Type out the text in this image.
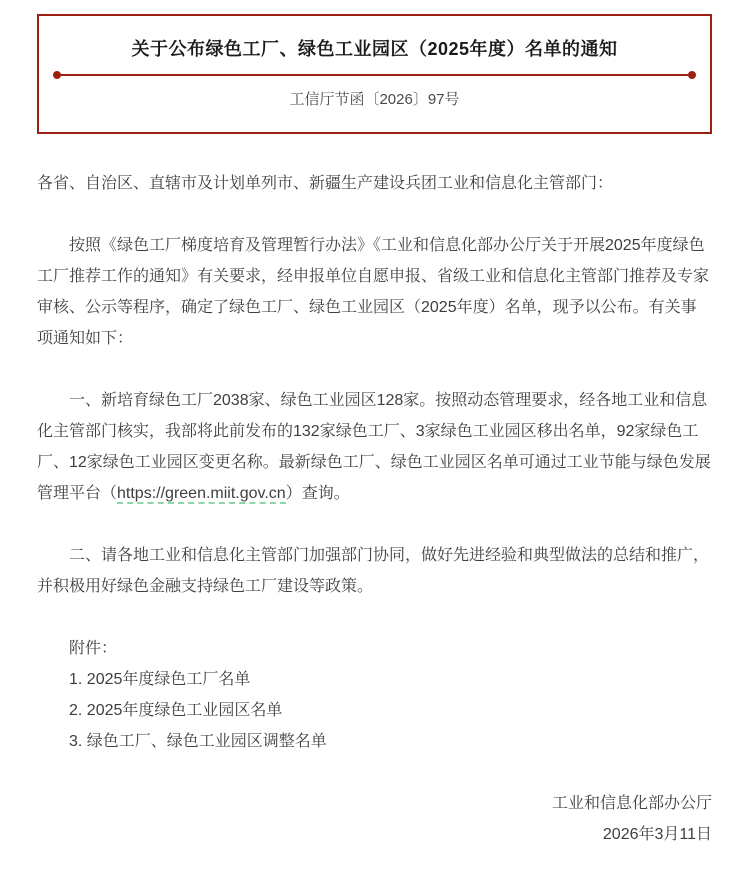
关于公布绿色工厂、绿色工业园区（2025年度）名单的通知
工信厅节函〔2026〕97号

各省、自治区、直辖市及计划单列市、新疆生产建设兵团工业和信息化主管部门：

按照《绿色工厂梯度培育及管理暂行办法》《工业和信息化部办公厅关于开展2025年度绿色工厂推荐工作的通知》有关要求，经申报单位自愿申报、省级工业和信息化主管部门推荐及专家审核、公示等程序，确定了绿色工厂、绿色工业园区（2025年度）名单，现予以公布。有关事项通知如下：

一、新培育绿色工厂2038家、绿色工业园区128家。按照动态管理要求，经各地工业和信息化主管部门核实，我部将此前发布的132家绿色工厂、3家绿色工业园区移出名单，92家绿色工厂、12家绿色工业园区变更名称。最新绿色工厂、绿色工业园区名单可通过工业节能与绿色发展管理平台（https://green.miit.gov.cn）查询。

二、请各地工业和信息化主管部门加强部门协同，做好先进经验和典型做法的总结和推广，并积极用好绿色金融支持绿色工厂建设等政策。

附件：

1. 2025年度绿色工厂名单

2. 2025年度绿色工业园区名单

3. 绿色工厂、绿色工业园区调整名单

工业和信息化部办公厅

2026年3月11日
